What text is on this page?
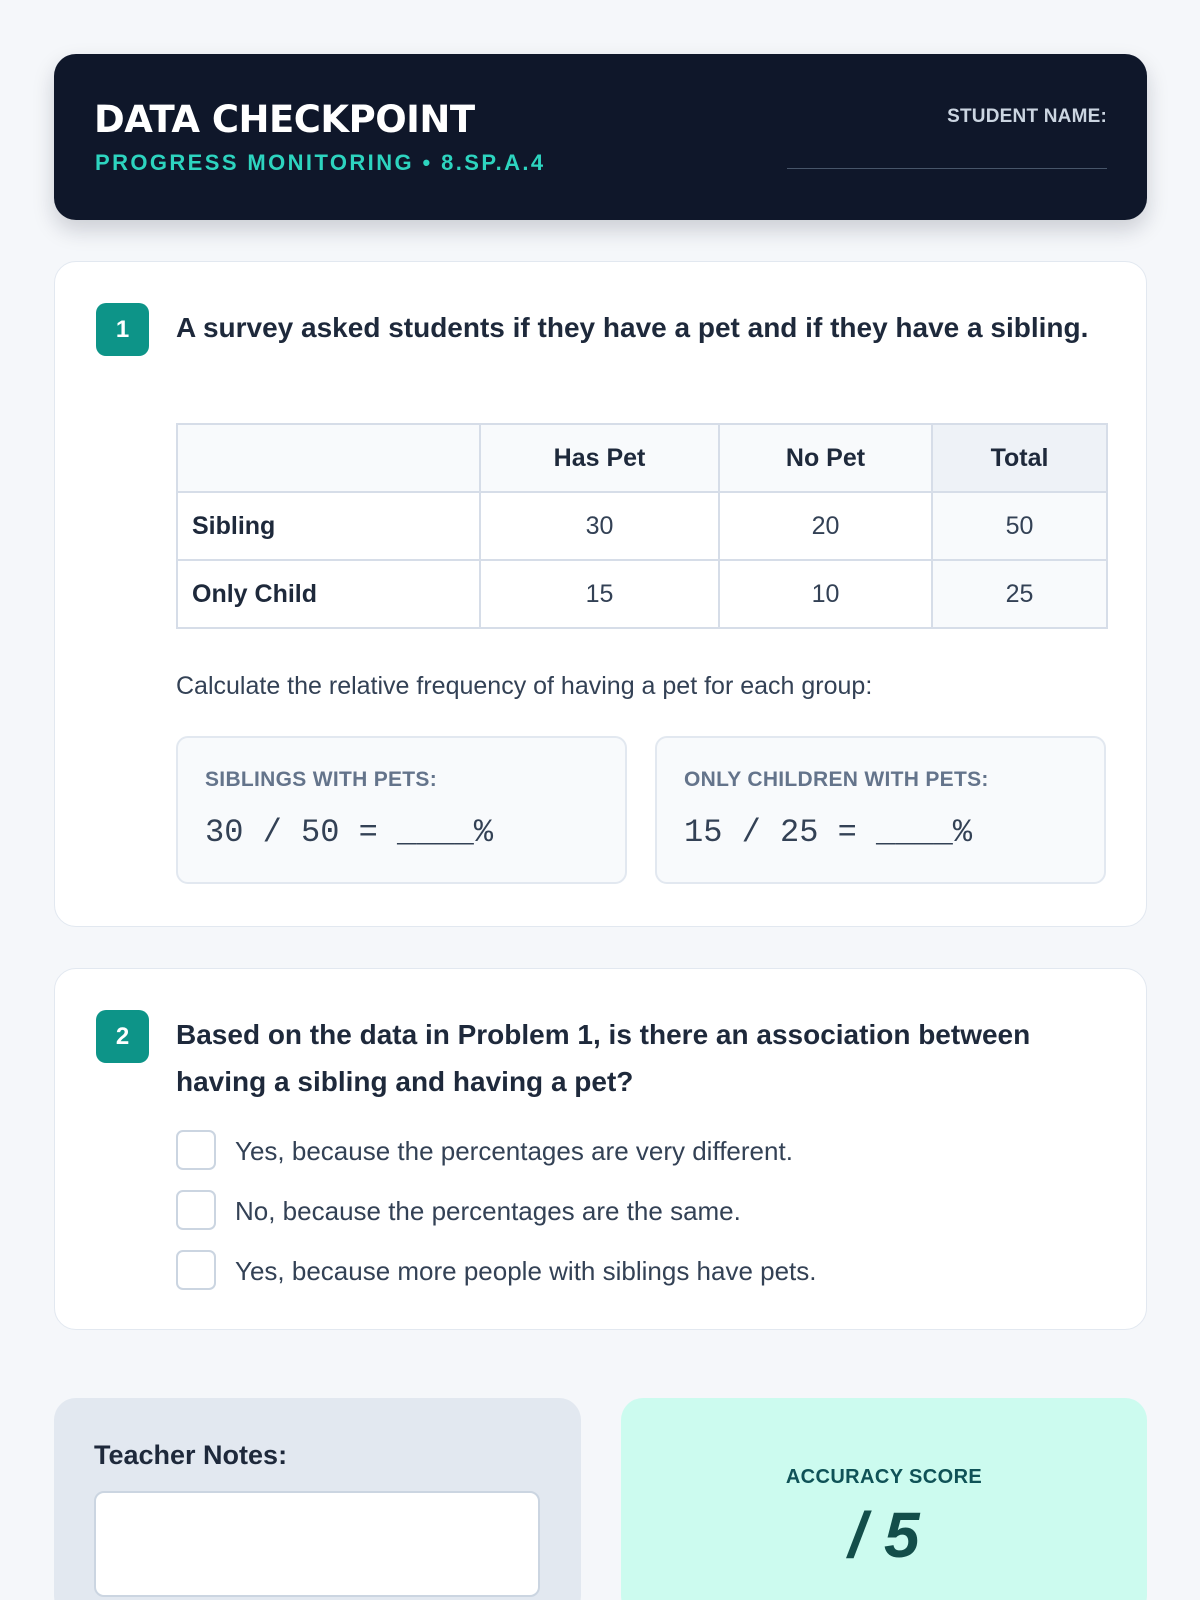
DATA CHECKPOINT
PROGRESS MONITORING • 8.SP.A.4
STUDENT NAME:
1	A survey asked students if they have a pet and if they have a sibling.
	Has Pet	No Pet	Total
Sibling	30	20	50
Only Child	15	10	25
Calculate the relative frequency of having a pet for each group:
SIBLINGS WITH PETS:
30 / 50 = ____%
ONLY CHILDREN WITH PETS:
15 / 25 = ____%
2	Based on the data in Problem 1, is there an association between having a sibling and having a pet?
Yes, because the percentages are very different.
No, because the percentages are the same.
Yes, because more people with siblings have pets.
Teacher Notes:
ACCURACY SCORE
/ 5
